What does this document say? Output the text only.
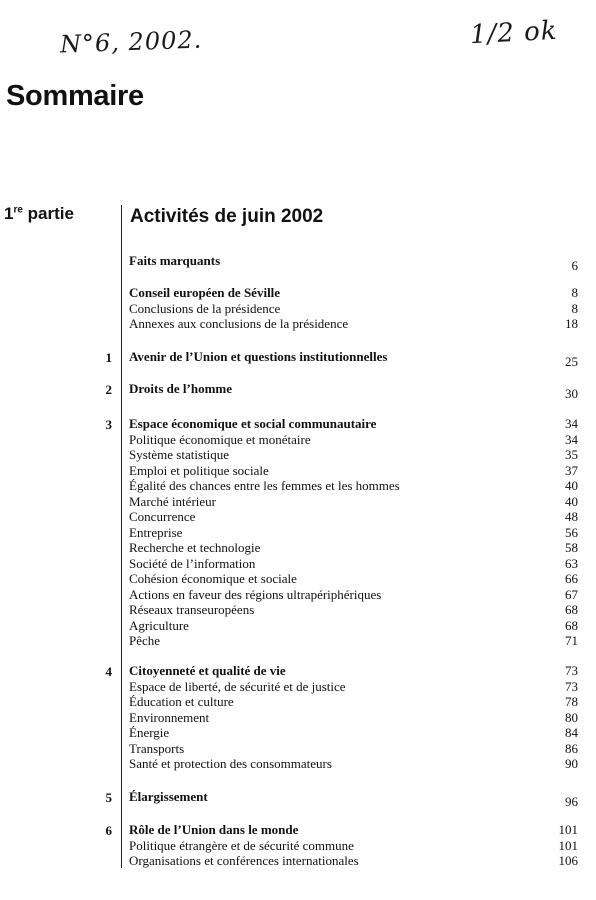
N°6, 2002.	1/2 ok
Sommaire
1re partie	Activités de juin 2002
Faits marquants	6
Conseil européen de Séville	8
Conclusions de la présidence	8
Annexes aux conclusions de la présidence	18
1 Avenir de l’Union et questions institutionnelles	25
2 Droits de l’homme	30
3 Espace économique et social communautaire	34
Politique économique et monétaire	34
Système statistique	35
Emploi et politique sociale	37
Égalité des chances entre les femmes et les hommes	40
Marché intérieur	40
Concurrence	48
Entreprise	56
Recherche et technologie	58
Société de l’information	63
Cohésion économique et sociale	66
Actions en faveur des régions ultrapériphériques	67
Réseaux transeuropéens	68
Agriculture	68
Pêche	71
4 Citoyenneté et qualité de vie	73
Espace de liberté, de sécurité et de justice	73
Éducation et culture	78
Environnement	80
Énergie	84
Transports	86
Santé et protection des consommateurs	90
5 Élargissement	96
6 Rôle de l’Union dans le monde	101
Politique étrangère et de sécurité commune	101
Organisations et conférences internationales	106
